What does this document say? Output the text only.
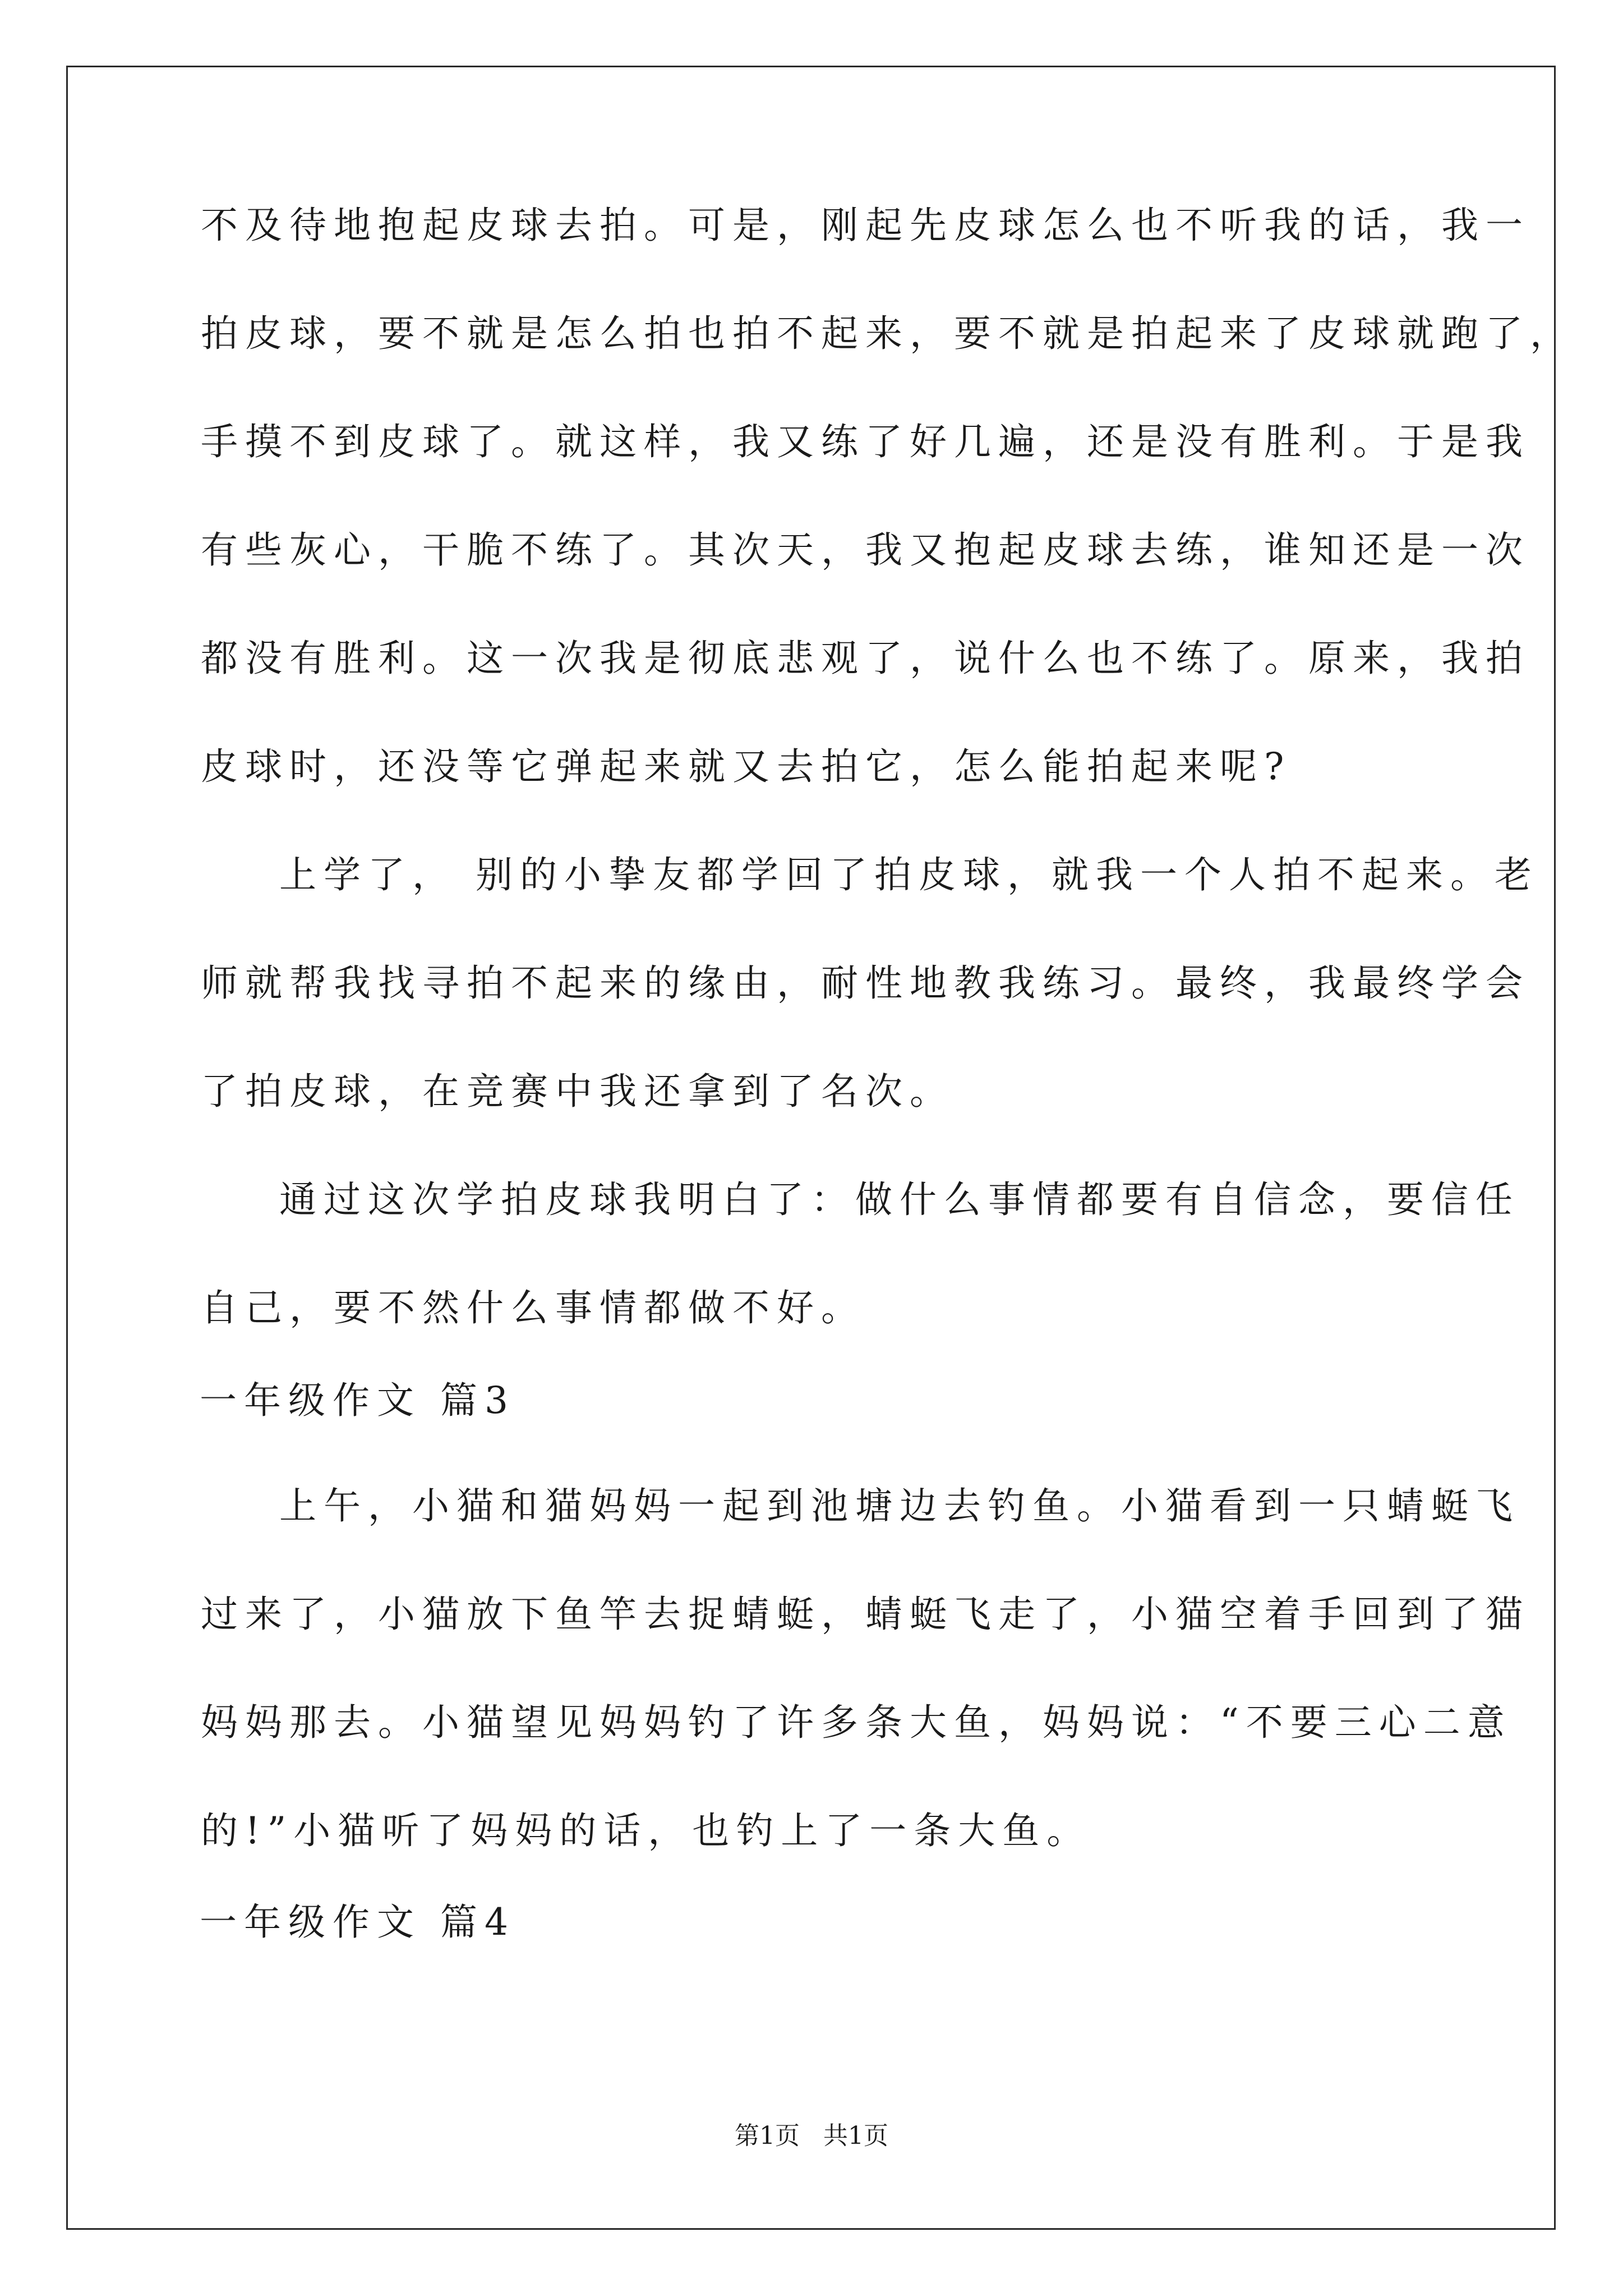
不及待地抱起皮球去拍。可是，刚起先皮球怎么也不听我的话，我一
拍皮球，要不就是怎么拍也拍不起来，要不就是拍起来了皮球就跑了，
手摸不到皮球了。就这样，我又练了好几遍，还是没有胜利。于是我
有些灰心，干脆不练了。其次天，我又抱起皮球去练，谁知还是一次
都没有胜利。这一次我是彻底悲观了，说什么也不练了。原来，我拍
皮球时，还没等它弹起来就又去拍它，怎么能拍起来呢?
上学了， 别的小挚友都学回了拍皮球，就我一个人拍不起来。老
师就帮我找寻拍不起来的缘由，耐性地教我练习。最终，我最终学会
了拍皮球，在竞赛中我还拿到了名次。
通过这次学拍皮球我明白了：做什么事情都要有自信念，要信任
自己，要不然什么事情都做不好。
一年级作文 篇3
上午，小猫和猫妈妈一起到池塘边去钓鱼。小猫看到一只蜻蜓飞
过来了，小猫放下鱼竿去捉蜻蜓，蜻蜓飞走了，小猫空着手回到了猫
妈妈那去。小猫望见妈妈钓了许多条大鱼，妈妈说：“不要三心二意
的!”小猫听了妈妈的话，也钓上了一条大鱼。
一年级作文 篇4
第1页   共1页
